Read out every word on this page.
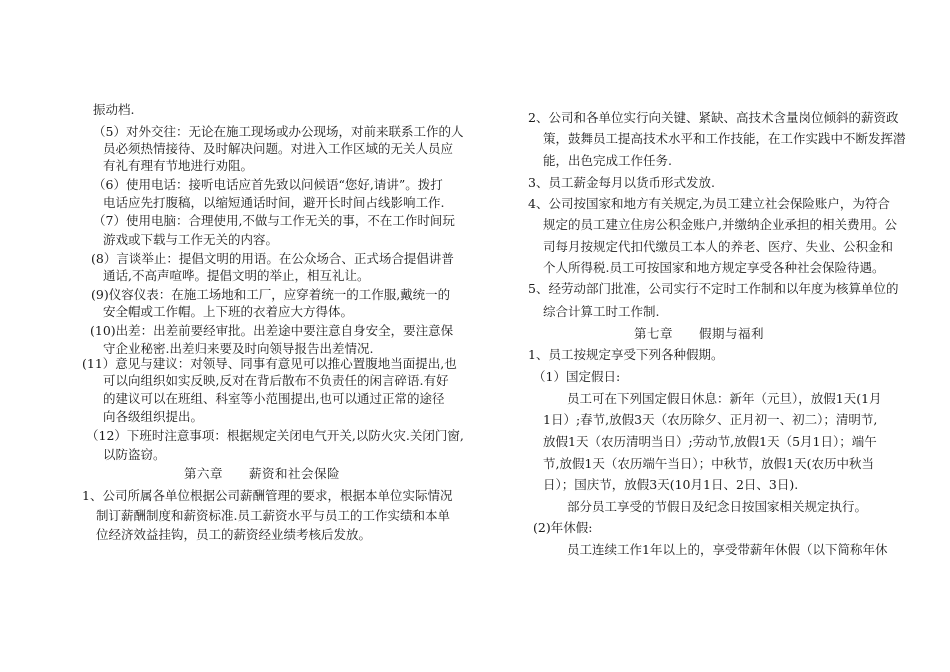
振动档.
（5）对外交往：无论在施工现场或办公现场，对前来联系工作的人
员必须热情接待、及时解决问题。对进入工作区域的无关人员应
有礼有理有节地进行劝阻。
（6）使用电话：接听电话应首先致以问候语“您好,请讲”。拨打
电话应先打腹稿，以缩短通话时间，避开长时间占线影响工作.
（7）使用电脑：合理使用,不做与工作无关的事，不在工作时间玩
游戏或下载与工作无关的内容。
(8）言谈举止：提倡文明的用语。在公众场合、正式场合提倡讲普
通话,不高声喧哗。提倡文明的举止，相互礼让。
(9)仪容仪表：在施工场地和工厂，应穿着统一的工作服,戴统一的
安全帽或工作帽。上下班的衣着应大方得体。
(10)出差：出差前要经审批。出差途中要注意自身安全，要注意保
守企业秘密.出差归来要及时向领导报告出差情况.
(11）意见与建议：对领导、同事有意见可以推心置腹地当面提出,也
可以向组织如实反映,反对在背后散布不负责任的闲言碎语.有好
的建议可以在班组、科室等小范围提出,也可以通过正常的途径
向各级组织提出。
（12）下班时注意事项：根据规定关闭电气开关,以防火灾.关闭门窗,
以防盗窃。
第六章　　薪资和社会保险
1、公司所属各单位根据公司薪酬管理的要求，根据本单位实际情况
制订薪酬制度和薪资标准.员工薪资水平与员工的工作实绩和本单
位经济效益挂钩，员工的薪资经业绩考核后发放。
2、公司和各单位实行向关键、紧缺、高技术含量岗位倾斜的薪资政
策，鼓舞员工提高技术水平和工作技能，在工作实践中不断发挥潜
能，出色完成工作任务.
3、员工薪金每月以货币形式发放.
4、公司按国家和地方有关规定,为员工建立社会保险账户，为符合
规定的员工建立住房公积金账户,并缴纳企业承担的相关费用。公
司每月按规定代扣代缴员工本人的养老、医疗、失业、公积金和
个人所得税.员工可按国家和地方规定享受各种社会保险待遇。
5、经劳动部门批准，公司实行不定时工作制和以年度为核算单位的
综合计算工时工作制.
第七章　　假期与福利
1、员工按规定享受下列各种假期。
（1）国定假日:
员工可在下列国定假日休息：新年（元旦），放假1天(1月
1日）;春节,放假3天（农历除夕、正月初一、初二）；清明节,
放假1天（农历清明当日）;劳动节,放假1天（5月1日）；端午
节,放假1天（农历端午当日）；中秋节，放假1天(农历中秋当
日）；国庆节，放假3天(10月1日、2日、3日).
部分员工享受的节假日及纪念日按国家相关规定执行。
(2)年休假:
员工连续工作1年以上的，享受带薪年休假（以下简称年休
